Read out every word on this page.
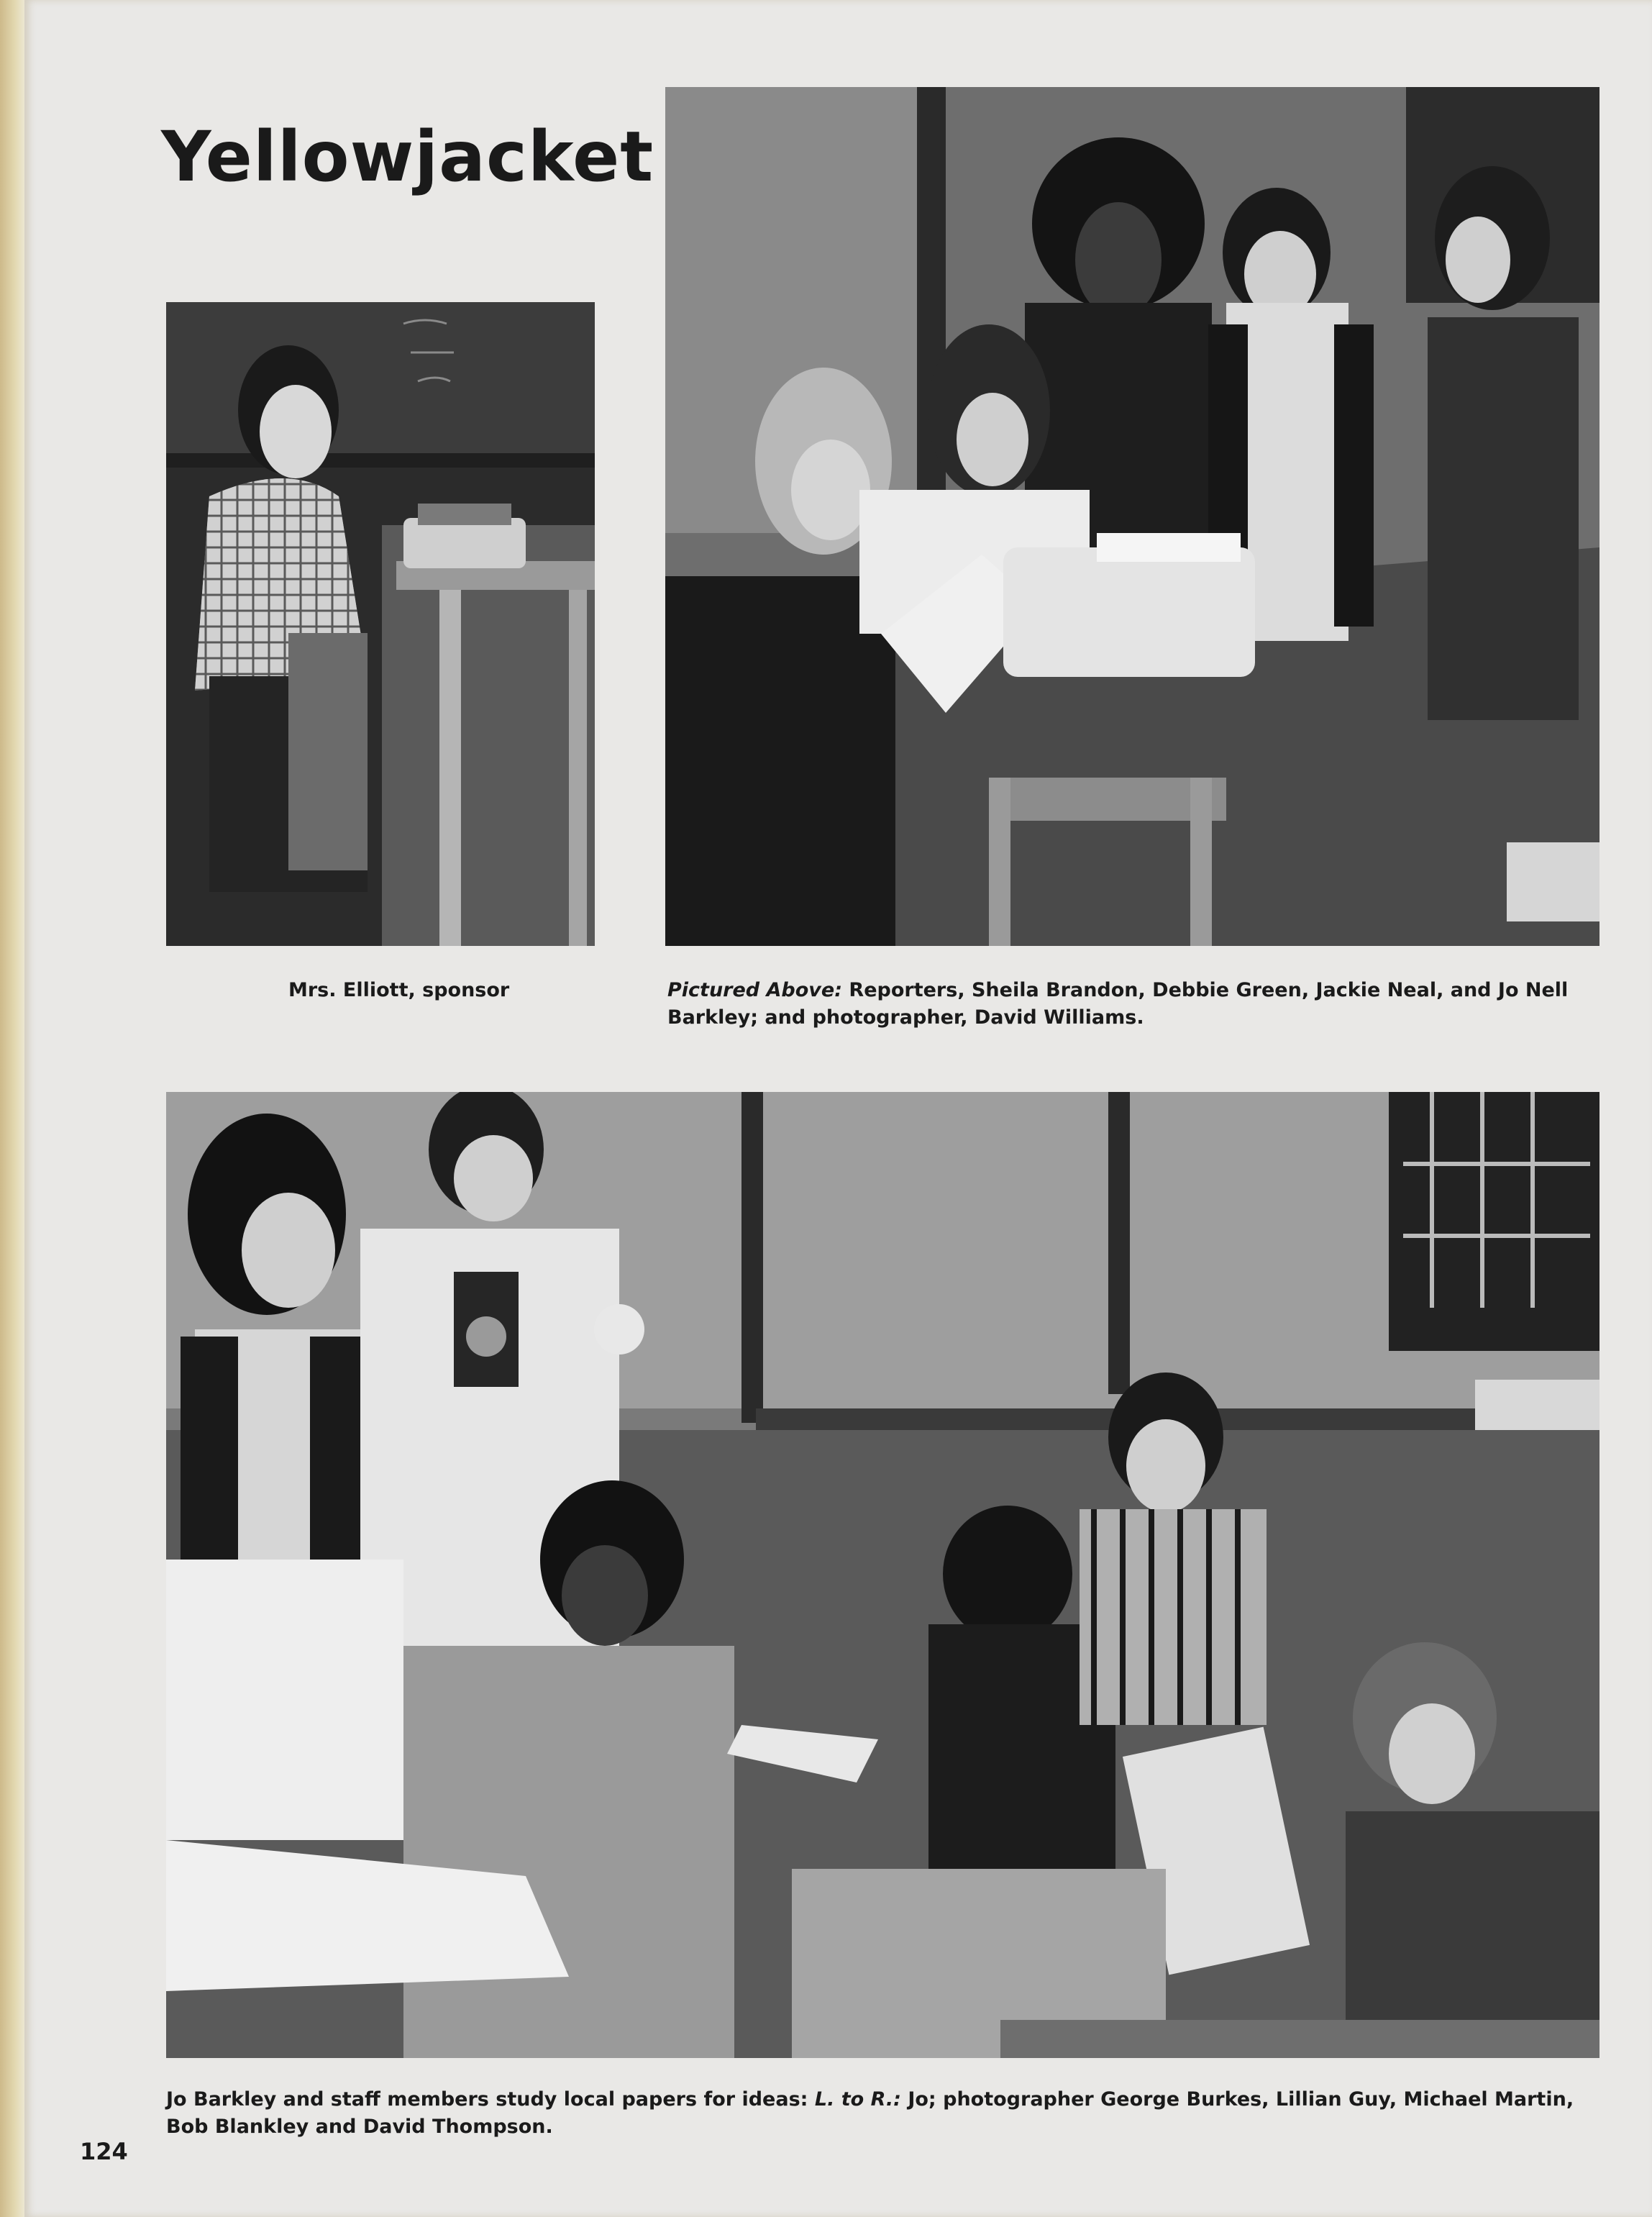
Yellowjacket
Mrs. Elliott, sponsor	Pictured Above: Reporters, Sheila Brandon, Debbie Green, Jackie Neal, and Jo Nell Barkley; and photographer, David Williams.
Jo Barkley and staff members study local papers for ideas: L. to R.: Jo; photographer George Burkes, Lillian Guy, Michael Martin, Bob Blankley and David Thompson.
124
